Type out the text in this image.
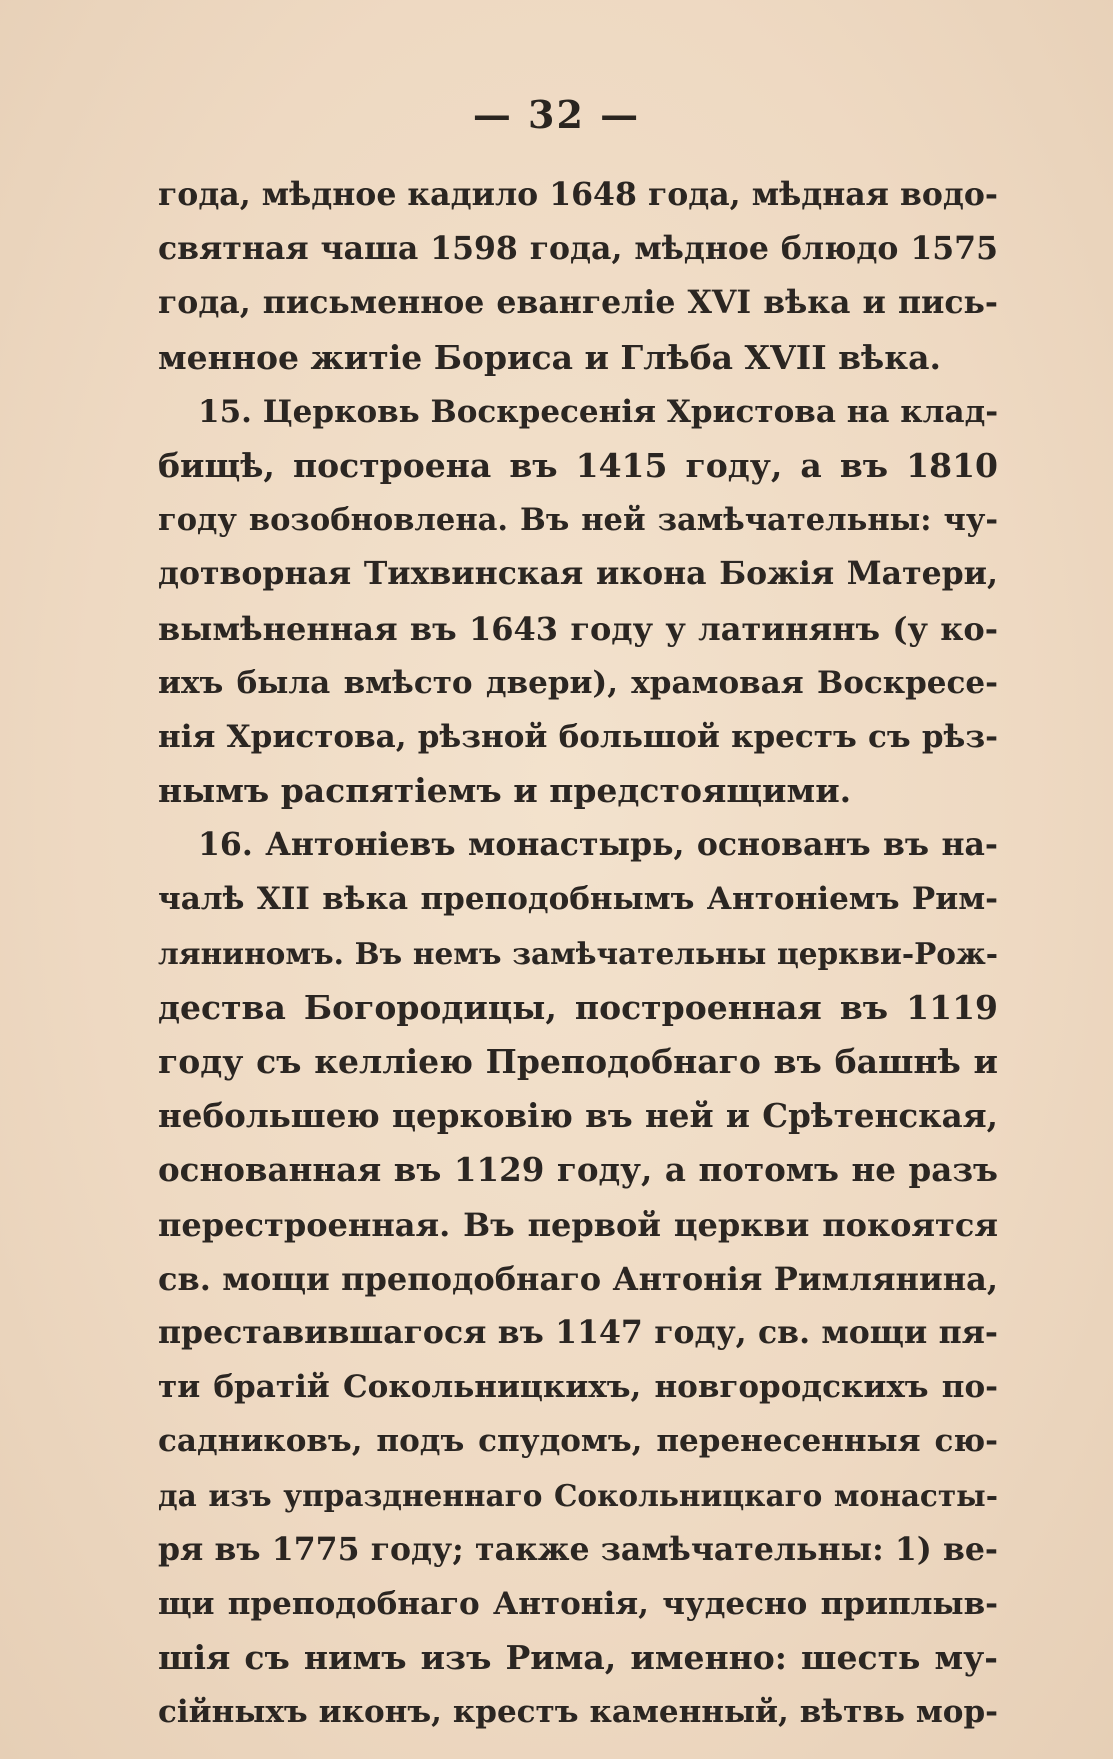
— 32 —
года, мѣдное кадило 1648 года, мѣдная водо-
святная чаша 1598 года, мѣдное блюдо 1575
года, письменное евангеліе XVI вѣка и пись-
менное житіе Бориса и Глѣба XVII вѣка.
15. Церковь Воскресенія Христова на клад-
бищѣ, построена въ 1415 году, а въ 1810
году возобновлена. Въ ней замѣчательны: чу-
дотворная Тихвинская икона Божія Матери,
вымѣненная въ 1643 году у латинянъ (у ко-
ихъ была вмѣсто двери), храмовая Воскресе-
нія Христова, рѣзной большой крестъ съ рѣз-
нымъ распятіемъ и предстоящими.
16. Антоніевъ монастырь, основанъ въ на-
чалѣ XII вѣка преподобнымъ Антоніемъ Рим-
ляниномъ. Въ немъ замѣчательны церкви-Рож-
дества Богородицы, построенная въ 1119
году съ келліею Преподобнаго въ башнѣ и
небольшею церковію въ ней и Срѣтенская,
основанная въ 1129 году, а потомъ не разъ
перестроенная. Въ первой церкви покоятся
св. мощи преподобнаго Антонія Римлянина,
преставившагося въ 1147 году, св. мощи пя-
ти братій Сокольницкихъ, новгородскихъ по-
садниковъ, подъ спудомъ, перенесенныя сю-
да изъ упраздненнаго Сокольницкаго монасты-
ря въ 1775 году; также замѣчательны: 1) ве-
щи преподобнаго Антонія, чудесно приплыв-
шія съ нимъ изъ Рима, именно: шесть му-
сійныхъ иконъ, крестъ каменный, вѣтвь мор-
